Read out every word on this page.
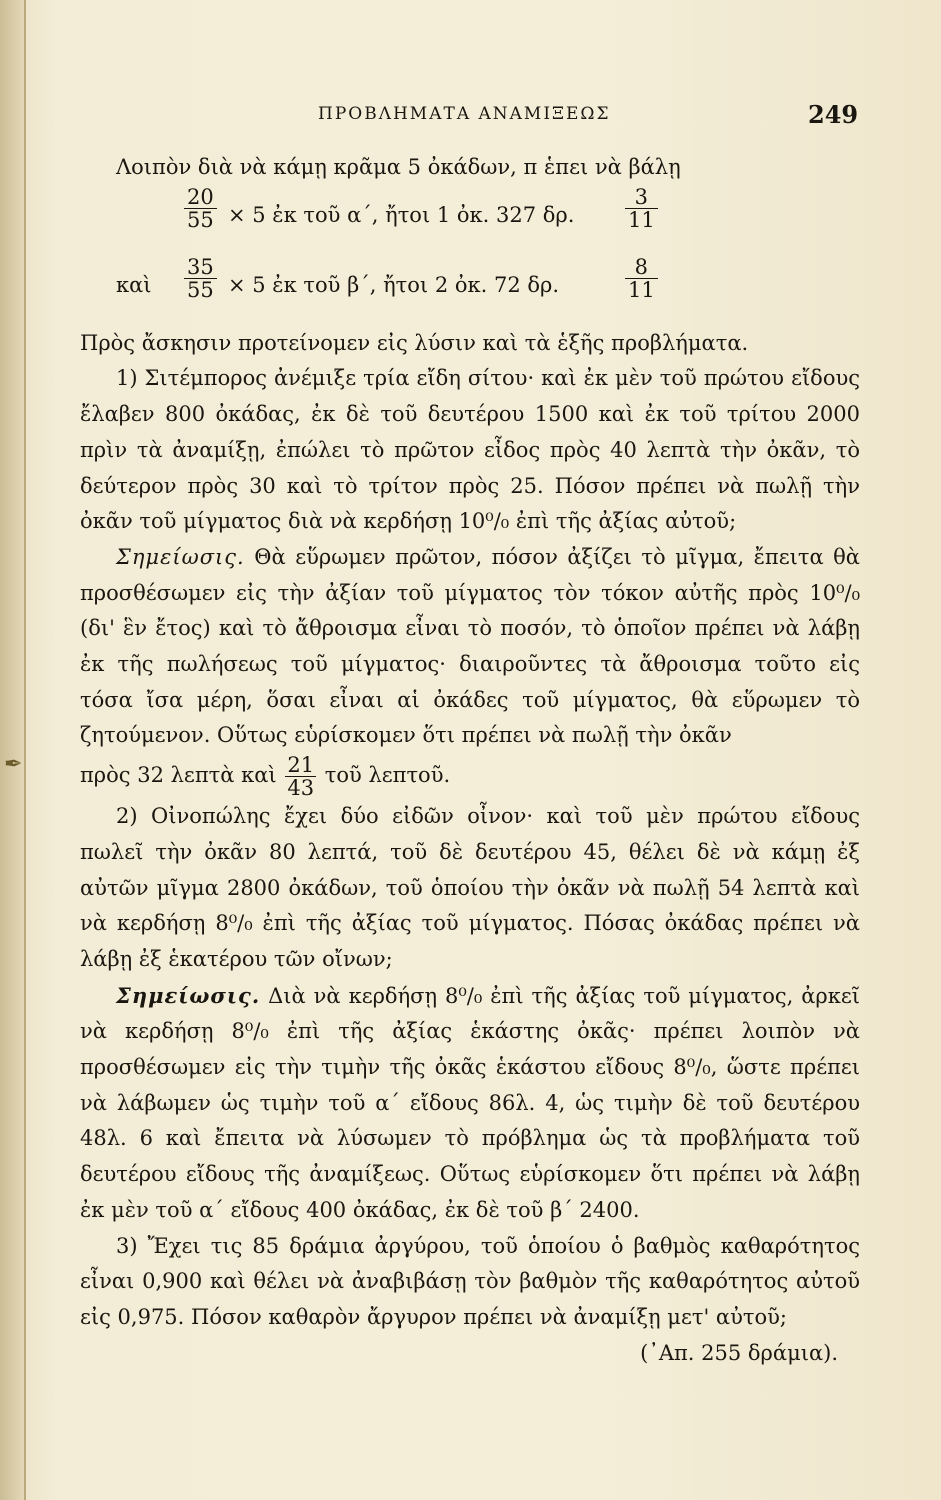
✒
ΠΡΟΒΛΗΜΑΤΑ ΑΝΑΜΙΞΕΩΣ	249

Λοιπὸν διὰ νὰ κάμῃ κρᾶμα 5 ὀκάδων, π ἑπει νὰ βάλῃ

$\frac{20}{55}$ ⨯ 5 ἐκ τοῦ α΄, ἤτοι 1 ὀκ. 327 δρ. $\frac{3}{11}$
καὶ $\frac{35}{55}$ ⨯ 5 ἐκ τοῦ β΄, ἤτοι 2 ὀκ. 72 δρ.	$\frac{8}{11}$

Πρὸς ἄσκησιν προτείνομεν εἰς λύσιν καὶ τὰ ἑξῆς προβλήματα.

1) Σιτέμπορος ἀνέμιξε τρία εἴδη σίτου· καὶ ἐκ μὲν τοῦ πρώτου εἴδους ἔλαβεν 800 ὀκάδας, ἐκ δὲ τοῦ δευτέρου 1500 καὶ ἐκ τοῦ τρίτου 2000 πρὶν τὰ ἀναμίξῃ, ἐπώλει τὸ πρῶτον εἶδος πρὸς 40 λεπτὰ τὴν ὀκᾶν, τὸ δεύτερον πρὸς 30 καὶ τὸ τρίτον πρὸς 25. Πόσον πρέπει νὰ πωλῇ τὴν ὀκᾶν τοῦ μίγματος διὰ νὰ κερδήσῃ 10⁰/₀ ἐπὶ τῆς ἀξίας αὐτοῦ;

Σημείωσις. Θὰ εὕρωμεν πρῶτον, πόσον ἀξίζει τὸ μῖγμα, ἔπειτα θὰ προσθέσωμεν εἰς τὴν ἀξίαν τοῦ μίγματος τὸν τόκον αὐτῆς πρὸς 10⁰/₀ (δι' ἓν ἔτος) καὶ τὸ ἄθροισμα εἶναι τὸ ποσόν, τὸ ὁποῖον πρέπει νὰ λάβῃ ἐκ τῆς πωλήσεως τοῦ μίγματος· διαιροῦντες τὰ ἄθροισμα τοῦτο εἰς τόσα ἴσα μέρη, ὅσαι εἶναι αἱ ὀκάδες τοῦ μίγματος, θὰ εὕρωμεν τὸ ζητούμενον. Οὕτως εὑρίσκομεν ὅτι πρέπει νὰ πωλῇ τὴν ὀκᾶν

πρὸς 32 λεπτὰ καὶ $\frac{21}{43}$ τοῦ λεπτοῦ.

2) Οἰνοπώλης ἔχει δύο εἰδῶν οἶνον· καὶ τοῦ μὲν πρώτου εἴδους πωλεῖ τὴν ὀκᾶν 80 λεπτά, τοῦ δὲ δευτέρου 45, θέλει δὲ νὰ κάμῃ ἐξ αὐτῶν μῖγμα 2800 ὀκάδων, τοῦ ὁποίου τὴν ὀκᾶν νὰ πωλῇ 54 λεπτὰ καὶ νὰ κερδήσῃ 8⁰/₀ ἐπὶ τῆς ἀξίας τοῦ μίγματος. Πόσας ὀκάδας πρέπει νὰ λάβῃ ἐξ ἑκατέρου τῶν οἴνων;

Σημείωσις. Διὰ νὰ κερδήσῃ 8⁰/₀ ἐπὶ τῆς ἀξίας τοῦ μίγματος, ἀρκεῖ νὰ κερδήσῃ 8⁰/₀ ἐπὶ τῆς ἀξίας ἑκάστης ὀκᾶς· πρέπει λοιπὸν νὰ προσθέσωμεν εἰς τὴν τιμὴν τῆς ὀκᾶς ἑκάστου εἴδους 8⁰/₀, ὥστε πρέπει νὰ λάβωμεν ὡς τιμὴν τοῦ α΄ εἴδους 86λ. 4, ὡς τιμὴν δὲ τοῦ δευτέρου 48λ. 6 καὶ ἔπειτα νὰ λύσωμεν τὸ πρόβλημα ὡς τὰ προβλήματα τοῦ δευτέρου εἴδους τῆς ἀναμίξεως. Οὕτως εὑρίσκομεν ὅτι πρέπει νὰ λάβῃ ἐκ μὲν τοῦ α΄ εἴδους 400 ὀκάδας, ἐκ δὲ τοῦ β΄ 2400.

3) Ἔχει τις 85 δράμια ἀργύρου, τοῦ ὁποίου ὁ βαθμὸς καθαρότητος εἶναι 0,900 καὶ θέλει νὰ ἀναβιβάσῃ τὸν βαθμὸν τῆς καθαρότητος αὐτοῦ εἰς 0,975. Πόσον καθαρὸν ἄργυρον πρέπει νὰ ἀναμίξῃ μετ' αὐτοῦ;

(᾿Απ. 255 δράμια).
